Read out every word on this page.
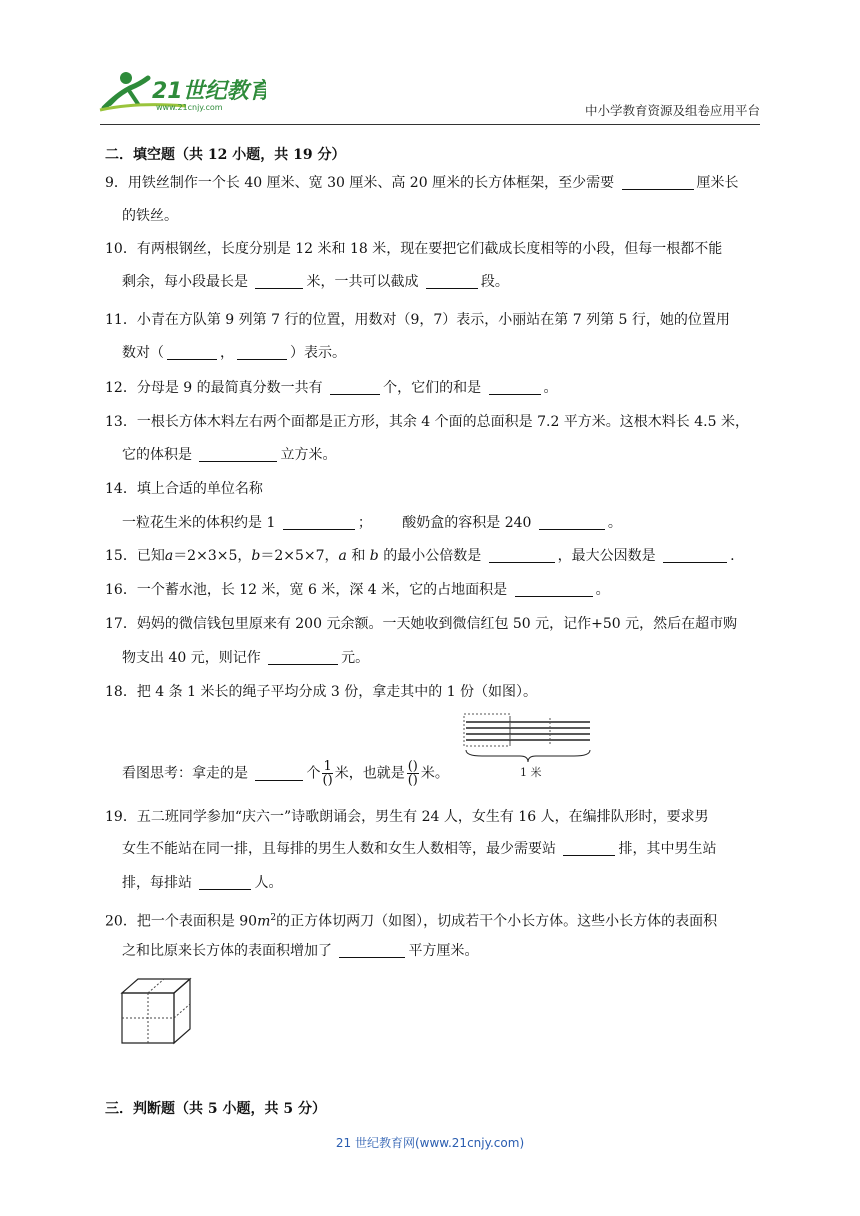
21世纪教育
www.21cnjy.com	中小学教育资源及组卷应用平台
二．填空题（共 12 小题，共 19 分）
9．用铁丝制作一个长 40 厘米、宽 30 厘米、高 20 厘米的长方体框架，至少需要	厘米长
的铁丝。
10．有两根钢丝，长度分别是 12 米和 18 米，现在要把它们截成长度相等的小段，但每一根都不能
剩余，每小段最长是	米，一共可以截成	段。
11．小青在方队第 9 列第 7 行的位置，用数对（9，7）表示，小丽站在第 7 列第 5 行，她的位置用
数对（	，	）表示。
12．分母是 9 的最简真分数一共有	个，它们的和是	。
13．一根长方体木料左右两个面都是正方形，其余 4 个面的总面积是 7.2 平方米。这根木料长 4.5 米，
它的体积是	立方米。
14．填上合适的单位名称
一粒花生米的体积约是 1	； 酸奶盒的容积是 240	。
15．已知a＝2×3×5，b＝2×5×7，a 和 b 的最小公倍数是	，最大公因数是	.
16．一个蓄水池，长 12 米，宽 6 米，深 4 米，它的占地面积是	。
17．妈妈的微信钱包里原来有 200 元余额。一天她收到微信红包 50 元，记作+50 元，然后在超市购
物支出 40 元，则记作	元。
18．把 4 条 1 米长的绳子平均分成 3 份，拿走其中的 1 份（如图）。
1 米
看图思考：拿走的是	个 $\frac{1}{()}$ 米，也就是 $\frac{()}{()}$ 米。
19．五二班同学参加“庆六一”诗歌朗诵会，男生有 24 人，女生有 16 人，在编排队形时，要求男
女生不能站在同一排，且每排的男生人数和女生人数相等，最少需要站	排，其中男生站
排，每排站	人。
20．把一个表面积是 $90m^2$的正方体切两刀（如图），切成若干个小长方体。这些小长方体的表面积
之和比原来长方体的表面积增加了	平方厘米。
三．判断题（共 5 小题，共 5 分）
21 世纪教育网(www.21cnjy.com)
